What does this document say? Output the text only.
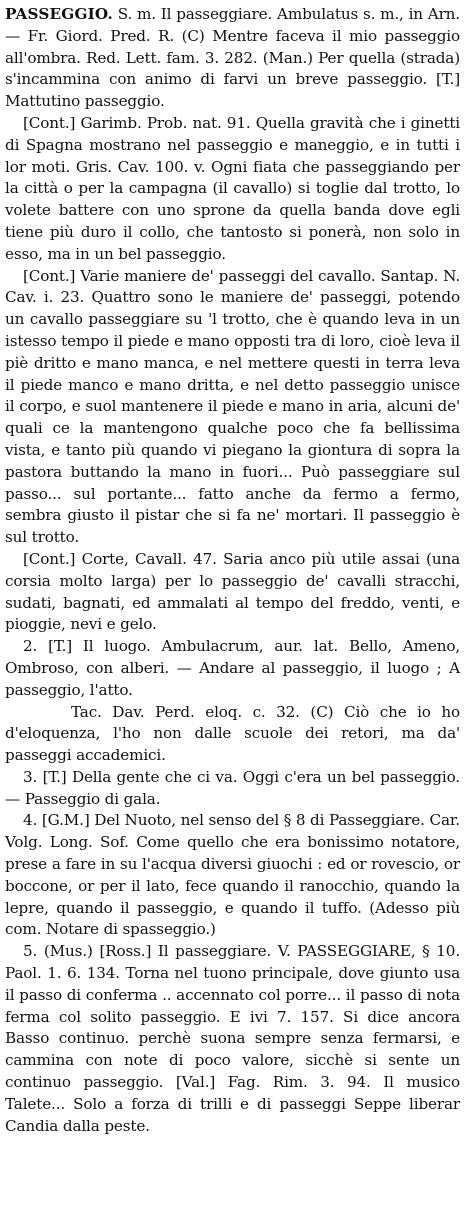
PASSEGGIO. S. m. Il passeggiare. Ambulatus s. m., in Arn. — Fr. Giord. Pred. R. (C) Mentre faceva il mio passeggio all'ombra. Red. Lett. fam. 3. 282. (Man.) Per quella (strada) s'incammina con animo di farvi un breve passeggio. [T.] Mattutino passeggio.

[Cont.] Garimb. Prob. nat. 91. Quella gravità che i ginetti di Spagna mostrano nel passeggio e maneggio, e in tutti i lor moti. Gris. Cav. 100. v. Ogni fiata che passeggiando per la città o per la campagna (il cavallo) si toglie dal trotto, lo volete battere con uno sprone da quella banda dove egli tiene più duro il collo, che tantosto si ponerà, non solo in esso, ma in un bel passeggio.

[Cont.] Varie maniere de' passeggi del cavallo. Santap. N. Cav. i. 23. Quattro sono le maniere de' passeggi, potendo un cavallo passeggiare su 'l trotto, che è quando leva in un istesso tempo il piede e mano opposti tra di loro, cioè leva il piè dritto e mano manca, e nel mettere questi in terra leva il piede manco e mano dritta, e nel detto passeggio unisce il corpo, e suol mantenere il piede e mano in aria, alcuni de' quali ce la mantengono qualche poco che fa bellissima vista, e tanto più quando vi piegano la giontura di sopra la pastora buttando la mano in fuori... Può passeggiare sul passo... sul portante... fatto anche da fermo a fermo, sembra giusto il pistar che si fa ne' mortari. Il passeggio è sul trotto.

[Cont.] Corte, Cavall. 47. Saria anco più utile assai (una corsia molto larga) per lo passeggio de' cavalli stracchi, sudati, bagnati, ed ammalati al tempo del freddo, venti, e pioggie, nevi e gelo.

2. [T.] Il luogo. Ambulacrum, aur. lat. Bello, Ameno, Ombroso, con alberi. — Andare al passeggio, il luogo ; A passeggio, l'atto.

Tac. Dav. Perd. eloq. c. 32. (C) Ciò che io ho d'eloquenza, l'ho non dalle scuole dei retori, ma da' passeggi accademici.

3. [T.] Della gente che ci va. Oggi c'era un bel passeggio. — Passeggio di gala.

4. [G.M.] Del Nuoto, nel senso del § 8 di Passeggiare. Car. Volg. Long. Sof. Come quello che era bonissimo notatore, prese a fare in su l'acqua diversi giuochi : ed or rovescio, or boccone, or per il lato, fece quando il ranocchio, quando la lepre, quando il passeggio, e quando il tuffo. (Adesso più com. Notare di spasseggio.)

5. (Mus.) [Ross.] Il passeggiare. V. PASSEGGIARE, § 10. Paol. 1. 6. 134. Torna nel tuono principale, dove giunto usa il passo di conferma .. accennato col porre... il passo di nota ferma col solito passeggio. E ivi 7. 157. Si dice ancora Basso continuo. perchè suona sempre senza fermarsi, e cammina con note di poco valore, sicchè si sente un continuo passeggio. [Val.] Fag. Rim. 3. 94. Il musico Talete... Solo a forza di trilli e di passeggi Seppe liberar Candia dalla peste.
